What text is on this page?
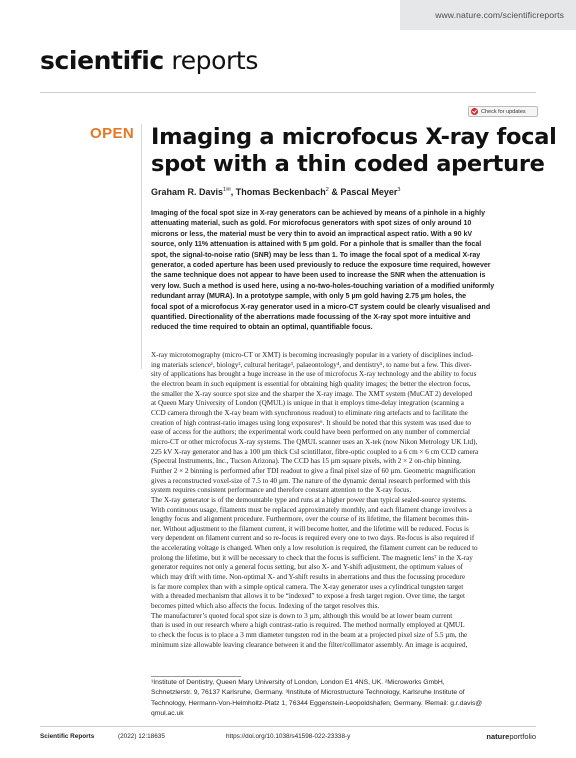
www.nature.com/scientificreports
scientific reports
Check for updates
OPEN Imaging a microfocus X-ray focal
spot with a thin coded aperture
Graham R. Davis$^{1✉}$, Thomas Beckenbach$^2$ & Pascal Meyer$^3$
Imaging of the focal spot size in X-ray generators can be achieved by means of a pinhole in a highly
attenuating material, such as gold. For microfocus generators with spot sizes of only around 10
microns or less, the material must be very thin to avoid an impractical aspect ratio. With a 90 kV
source, only 11% attenuation is attained with 5 µm gold. For a pinhole that is smaller than the focal
spot, the signal-to-noise ratio (SNR) may be less than 1. To image the focal spot of a medical X-ray
generator, a coded aperture has been used previously to reduce the exposure time required, however
the same technique does not appear to have been used to increase the SNR when the attenuation is
very low. Such a method is used here, using a no-two-holes-touching variation of a modified uniformly
redundant array (MURA). In a prototype sample, with only 5 µm gold having 2.75 µm holes, the
focal spot of a microfocus X-ray generator used in a micro-CT system could be clearly visualised and
quantified. Directionality of the aberrations made focussing of the X-ray spot more intuitive and
reduced the time required to obtain an optimal, quantifiable focus.
X-ray microtomography (micro-CT or XMT) is becoming increasingly popular in a variety of disciplines includ-
ing materials science¹, biology², cultural heritage³, palaeontology⁴, and dentistry⁵, to name but a few. This diver-
sity of applications has brought a huge increase in the use of microfocus X-ray technology and the ability to focus
the electron beam in such equipment is essential for obtaining high quality images; the better the electron focus,
the smaller the X-ray source spot size and the sharper the X-ray image. The XMT system (MuCAT 2) developed
at Queen Mary University of London (QMUL) is unique in that it employs time-delay integration (scanning a
CCD camera through the X-ray beam with synchronous readout) to eliminate ring artefacts and to facilitate the
creation of high contrast-ratio images using long exposures⁶. It should be noted that this system was used due to
ease of access for the authors; the experimental work could have been performed on any number of commercial
micro-CT or other microfocus X-ray systems. The QMUL scanner uses an X-tek (now Nikon Metrology UK Ltd),
225 kV X-ray generator and has a 100 µm thick CsI scintillator, fibre-optic coupled to a 6 cm × 6 cm CCD camera
(Spectral Instruments, Inc., Tucson Arizona). The CCD has 15 µm square pixels, with 2 × 2 on-chip binning.
Further 2 × 2 binning is performed after TDI readout to give a final pixel size of 60 µm. Geometric magnification
gives a reconstructed voxel-size of 7.5 to 40 µm. The nature of the dynamic dental research performed with this
system requires consistent performance and therefore constant attention to the X-ray focus.
The X-ray generator is of the demountable type and runs at a higher power than typical sealed-source systems.
With continuous usage, filaments must be replaced approximately monthly, and each filament change involves a
lengthy focus and alignment procedure. Furthermore, over the course of its lifetime, the filament becomes thin-
ner. Without adjustment to the filament current, it will become hotter, and the lifetime will be reduced. Focus is
very dependent on filament current and so re-focus is required every one to two days. Re-focus is also required if
the accelerating voltage is changed. When only a low resolution is required, the filament current can be reduced to
prolong the lifetime, but it will be necessary to check that the focus is sufficient. The magnetic lens⁷ in the X-ray
generator requires not only a general focus setting, but also X- and Y-shift adjustment, the optimum values of
which may drift with time. Non-optimal X- and Y-shift results in aberrations and thus the focussing procedure
is far more complex than with a simple optical camera. The X-ray generator uses a cylindrical tungsten target
with a threaded mechanism that allows it to be “indexed” to expose a fresh target region. Over time, the target
becomes pitted which also affects the focus. Indexing of the target resolves this.
The manufacturer’s quoted focal spot size is down to 3 µm, although this would be at lower beam current
than is used in our research where a high contrast-ratio is required. The method normally employed at QMUL
to check the focus is to place a 3 mm diameter tungsten rod in the beam at a projected pixel size of 5.5 µm, the
minimum size allowable leaving clearance between it and the filter/collimator assembly. An image is acquired,
¹Institute of Dentistry, Queen Mary University of London, London E1 4NS, UK. ²Microworks GmbH,
Schnetzlerstr. 9, 76137 Karlsruhe, Germany. ³Institute of Microstructure Technology, Karlsruhe Institute of
Technology, Hermann-Von-Helmholtz-Platz 1, 76344 Eggenstein-Leopoldshafen, Germany. ✉email: g.r.davis@
qmul.ac.uk
Scientific Reports	(2022) 12:18635	https://doi.org/10.1038/s41598-022-23338-y	natureportfolio
